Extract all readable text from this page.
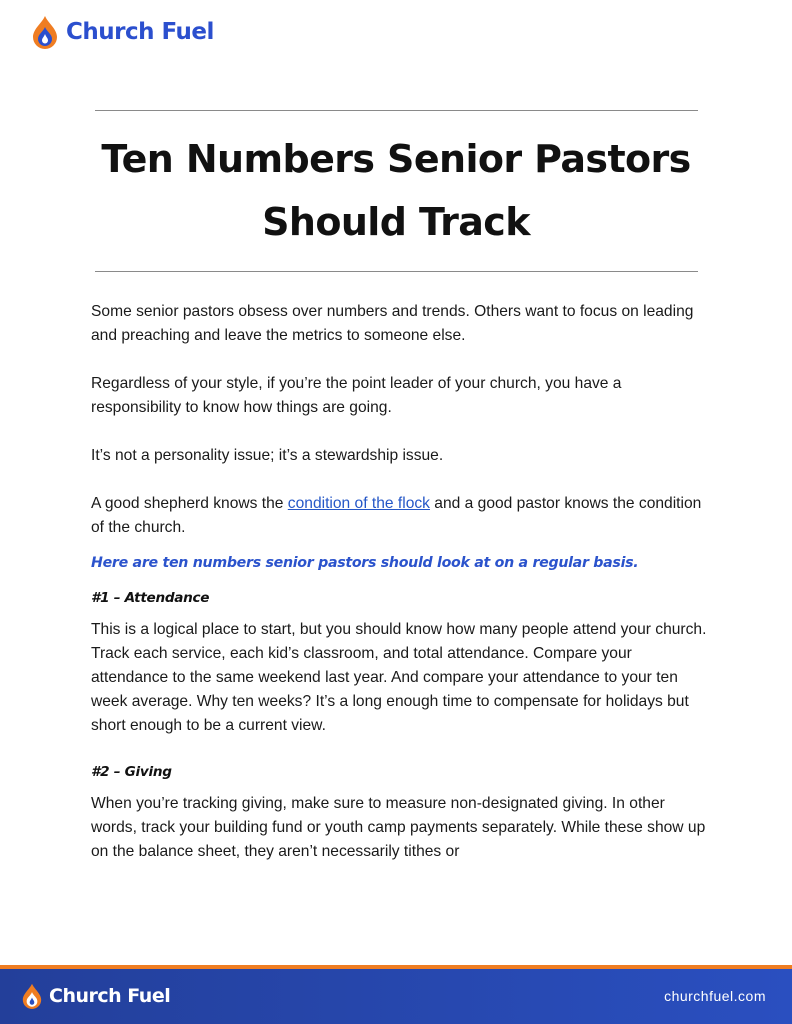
Church Fuel
Ten Numbers Senior Pastors
Should Track

Some senior pastors obsess over numbers and trends. Others want to focus on leading and preaching and leave the metrics to someone else.

Regardless of your style, if you’re the point leader of your church, you have a responsibility to know how things are going.

It’s not a personality issue; it’s a stewardship issue.

A good shepherd knows the condition of the flock and a good pastor knows the condition of the church.

Here are ten numbers senior pastors should look at on a regular basis.
#1 – Attendance

This is a logical place to start, but you should know how many people attend your church. Track each service, each kid’s classroom, and total attendance. Compare your attendance to the same weekend last year. And compare your attendance to your ten week average. Why ten weeks? It’s a long enough time to compensate for holidays but short enough to be a current view.

#2 – Giving

When you’re tracking giving, make sure to measure non-designated giving. In other words, track your building fund or youth camp payments separately. While these show up on the balance sheet, they aren’t necessarily tithes or

Church Fuel	churchfuel.com
